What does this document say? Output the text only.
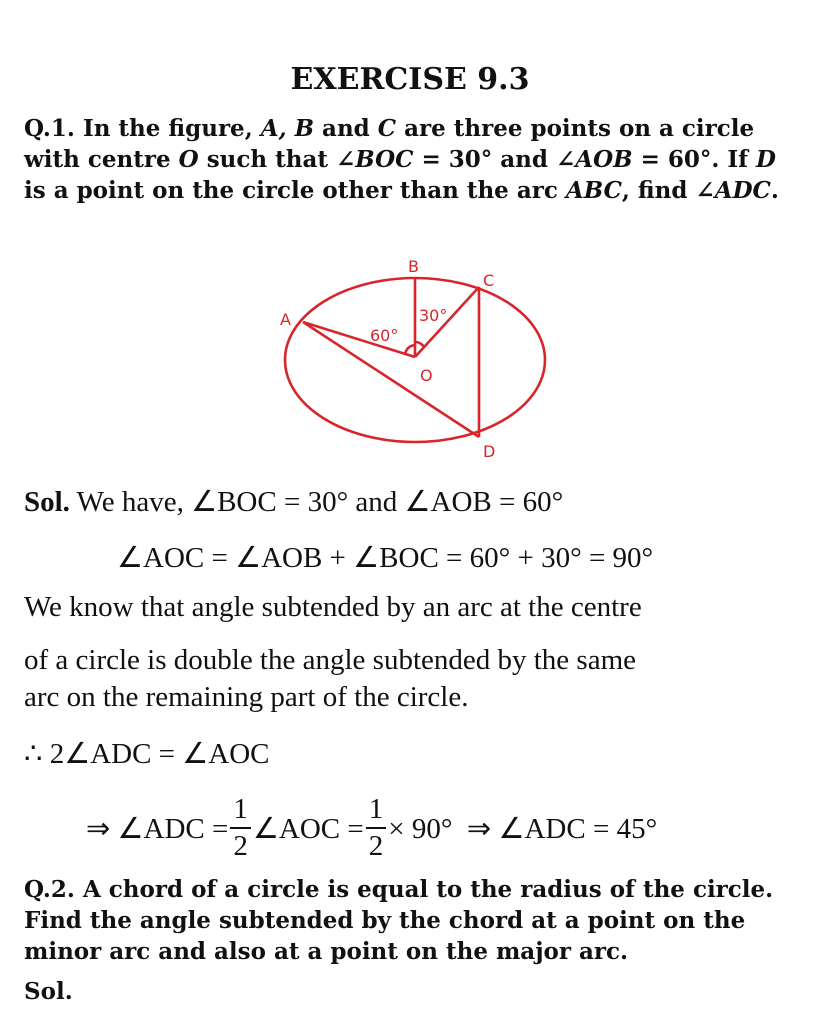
EXERCISE 9.3

Q.1. In the figure, A, B and C are three points on a circle with centre O such that ∠BOC = 30° and ∠AOB = 60°. If D is a point on the circle other than the arc ABC, find ∠ADC.

B
C
A
O
D
30°
60°
Sol. We have, ∠BOC = 30° and ∠AOB = 60°
∠AOC = ∠AOB + ∠BOC = 60° + 30° = 90°
We know that angle subtended by an arc at the centre
of a circle is double the angle subtended by the same
arc on the remaining part of the circle.
∴ 2∠ADC = ∠AOC
⇒ ∠ADC = $\frac{1}{2}$ ∠AOC = $\frac{1}{2} \times 90^\circ$  ⇒ ∠ADC = 45°

Q.2. A chord of a circle is equal to the radius of the circle. Find the angle subtended by the chord at a point on the minor arc and also at a point on the major arc.

Sol.
